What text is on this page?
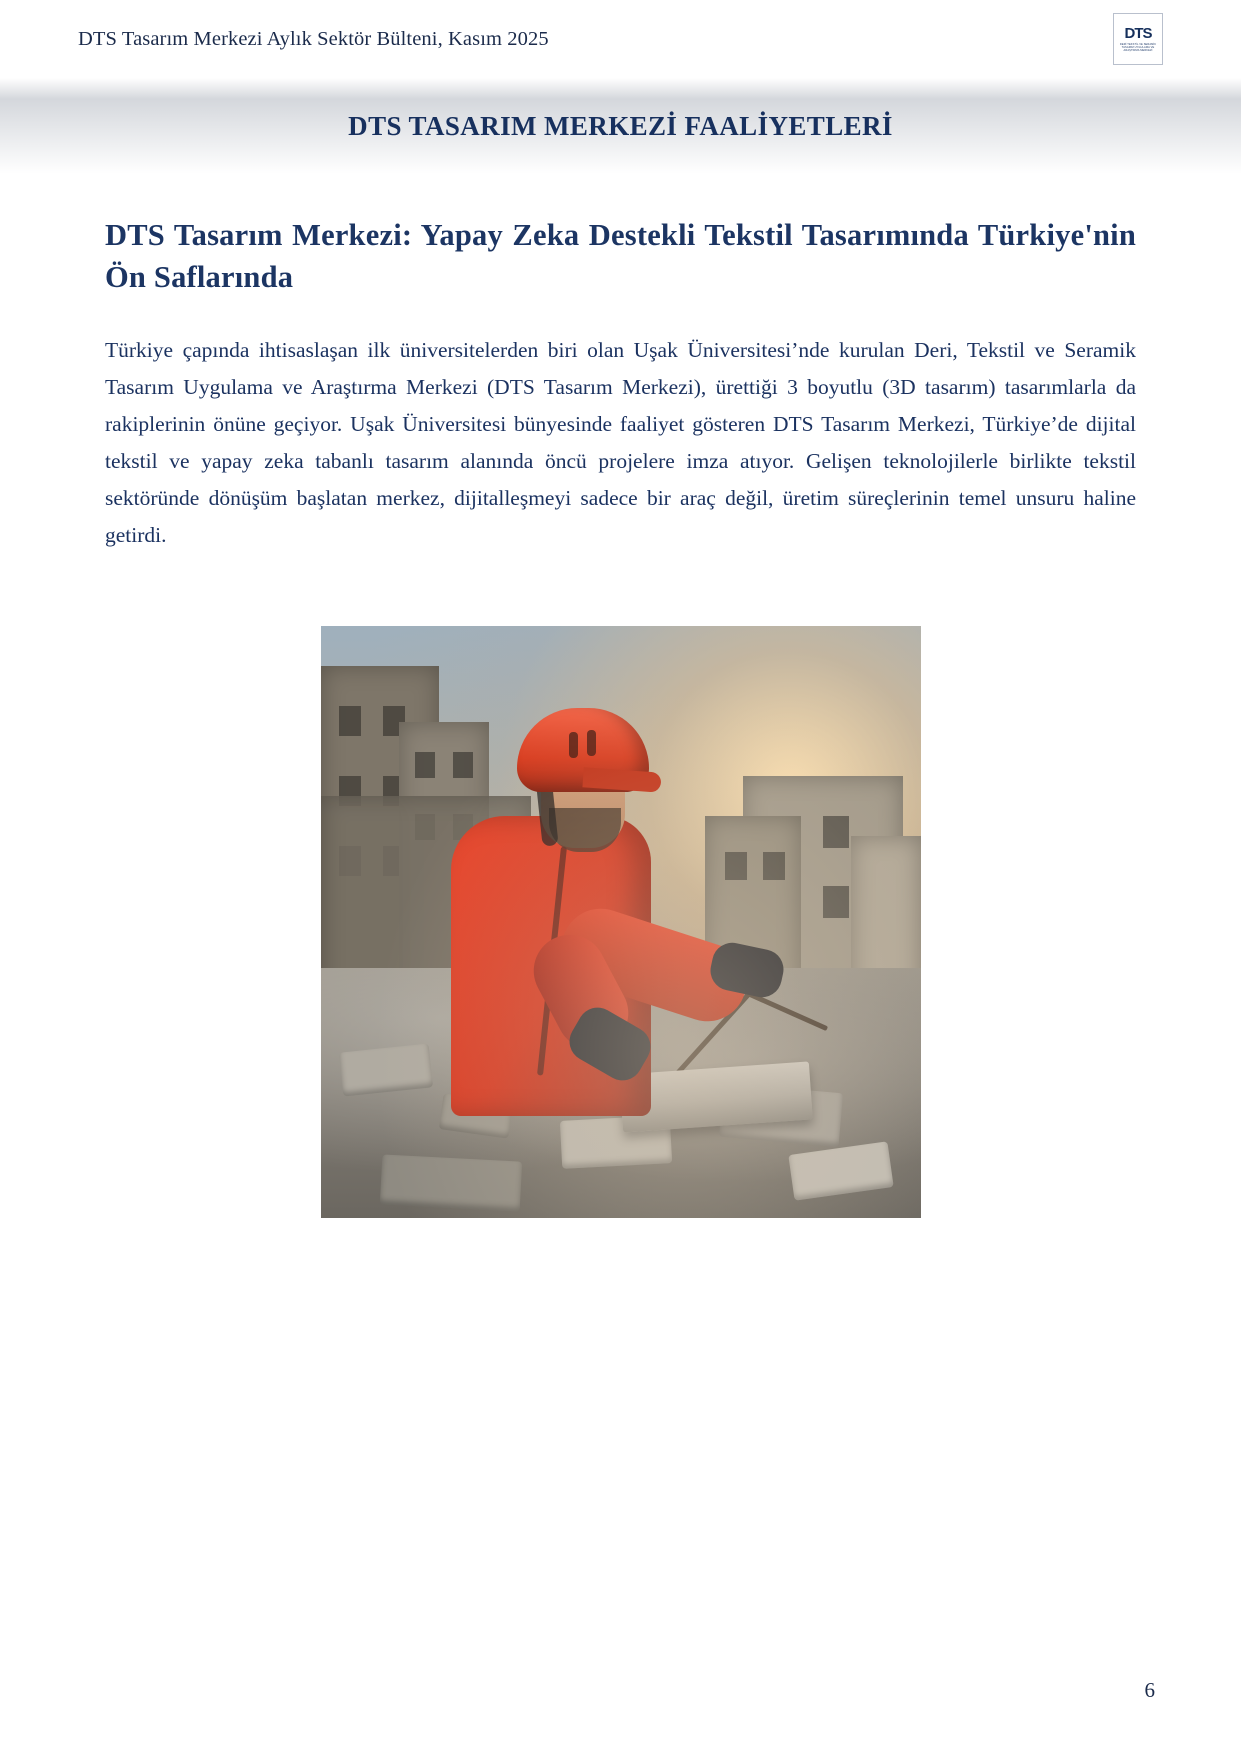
DTS Tasarım Merkezi Aylık Sektör Bülteni, Kasım 2025	DTS
DERİ TEKSTİL VE SERAMİK TASARIM UYGULAMA VE ARAŞTIRMA MERKEZİ
DTS TASARIM MERKEZİ FAALİYETLERİ
DTS Tasarım Merkezi: Yapay Zeka Destekli Tekstil Tasarımında Türkiye'nin Ön Saflarında

Türkiye çapında ihtisaslaşan ilk üniversitelerden biri olan Uşak Üniversitesi’nde kurulan Deri, Tekstil ve Seramik Tasarım Uygulama ve Araştırma Merkezi (DTS Tasarım Merkezi), ürettiği 3 boyutlu (3D tasarım) tasarımlarla da rakiplerinin önüne geçiyor. Uşak Üniversitesi bünyesinde faaliyet gösteren DTS Tasarım Merkezi, Türkiye’de dijital tekstil ve yapay zeka tabanlı tasarım alanında öncü projelere imza atıyor. Gelişen teknolojilerle birlikte tekstil sektöründe dönüşüm başlatan merkez, dijitalleşmeyi sadece bir araç değil, üretim süreçlerinin temel unsuru haline getirdi.

6
